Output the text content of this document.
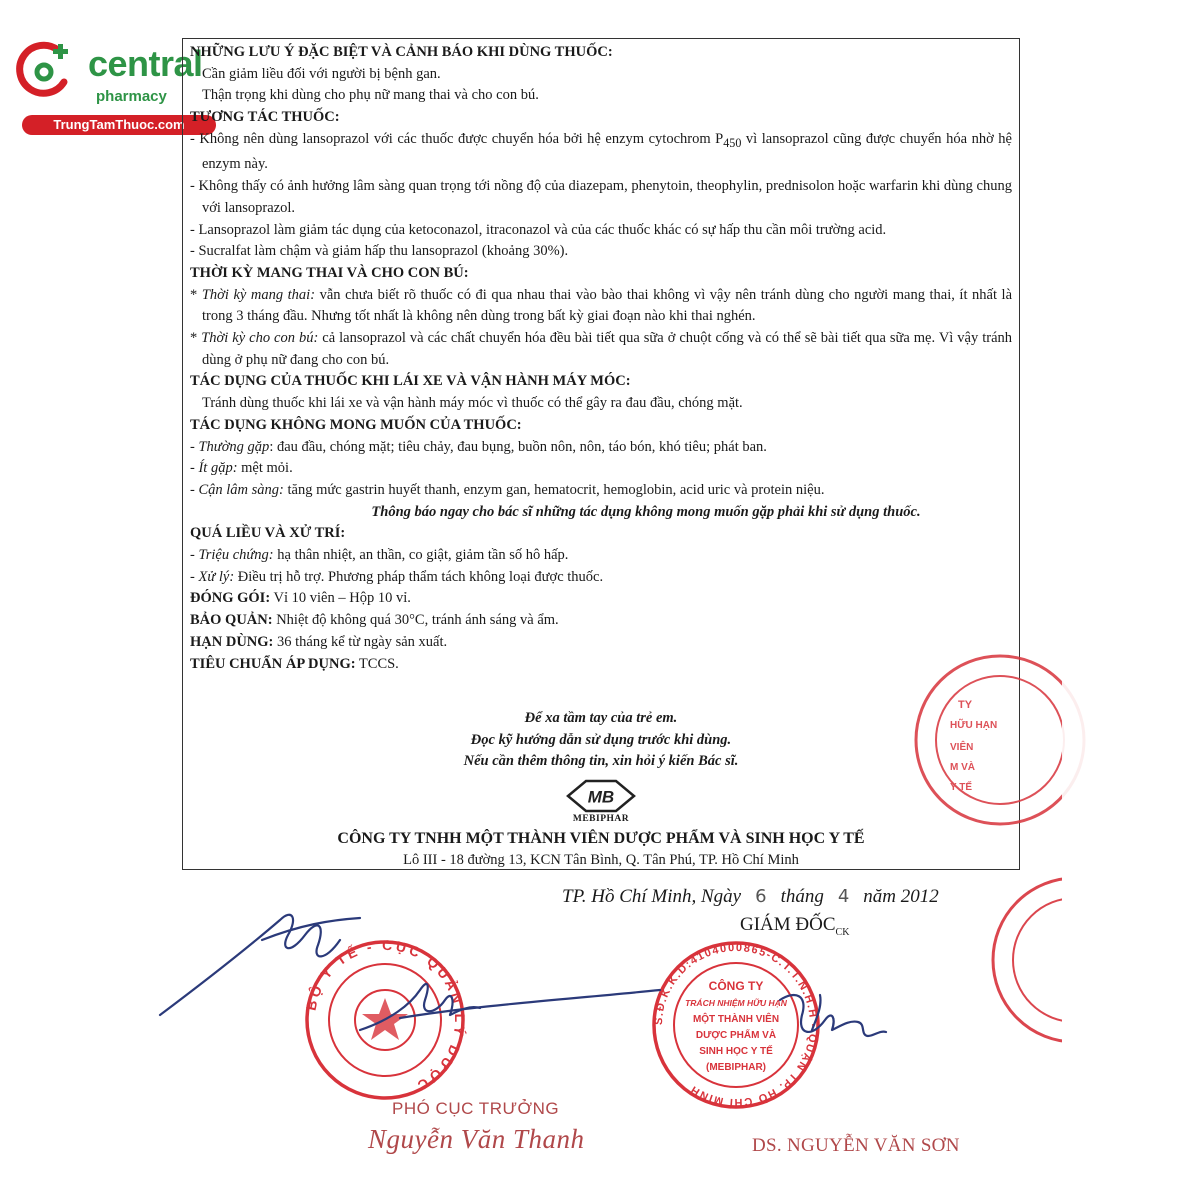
central
pharmacy
TrungTamThuoc.com

NHỮNG LƯU Ý ĐẶC BIỆT VÀ CẢNH BÁO KHI DÙNG THUỐC:

Cần giảm liều đối với người bị bệnh gan.

Thận trọng khi dùng cho phụ nữ mang thai và cho con bú.

TƯƠNG TÁC THUỐC:

- Không nên dùng lansoprazol với các thuốc được chuyển hóa bởi hệ enzym cytochrom $P_{450}$ vì lansoprazol cũng được chuyển hóa nhờ hệ enzym này.

- Không thấy có ảnh hưởng lâm sàng quan trọng tới nồng độ của diazepam, phenytoin, theophylin, prednisolon hoặc warfarin khi dùng chung với lansoprazol.

- Lansoprazol làm giảm tác dụng của ketoconazol, itraconazol và của các thuốc khác có sự hấp thu cần môi trường acid.

- Sucralfat làm chậm và giảm hấp thu lansoprazol (khoảng 30%).

THỜI KỲ MANG THAI VÀ CHO CON BÚ:

* Thời kỳ mang thai: vẫn chưa biết rõ thuốc có đi qua nhau thai vào bào thai không vì vậy nên tránh dùng cho người mang thai, ít nhất là trong 3 tháng đầu. Nhưng tốt nhất là không nên dùng trong bất kỳ giai đoạn nào khi thai nghén.

* Thời kỳ cho con bú: cả lansoprazol và các chất chuyển hóa đều bài tiết qua sữa ở chuột cống và có thể sẽ bài tiết qua sữa mẹ. Vì vậy tránh dùng ở phụ nữ đang cho con bú.

TÁC DỤNG CỦA THUỐC KHI LÁI XE VÀ VẬN HÀNH MÁY MÓC:

Tránh dùng thuốc khi lái xe và vận hành máy móc vì thuốc có thể gây ra đau đầu, chóng mặt.

TÁC DỤNG KHÔNG MONG MUỐN CỦA THUỐC:

- Thường gặp: đau đầu, chóng mặt; tiêu chảy, đau bụng, buồn nôn, nôn, táo bón, khó tiêu; phát ban.

- Ít gặp: mệt mỏi.

- Cận lâm sàng: tăng mức gastrin huyết thanh, enzym gan, hematocrit, hemoglobin, acid uric và protein niệu.

Thông báo ngay cho bác sĩ những tác dụng không mong muốn gặp phải khi sử dụng thuốc.

QUÁ LIỀU VÀ XỬ TRÍ:

- Triệu chứng: hạ thân nhiệt, an thần, co giật, giảm tần số hô hấp.

- Xử lý: Điều trị hỗ trợ. Phương pháp thẩm tách không loại được thuốc.

ĐÓNG GÓI: Vỉ 10 viên – Hộp 10 vỉ.

BẢO QUẢN: Nhiệt độ không quá 30°C, tránh ánh sáng và ẩm.

HẠN DÙNG: 36 tháng kể từ ngày sản xuất.

TIÊU CHUẨN ÁP DỤNG: TCCS.

Để xa tầm tay của trẻ em.
Đọc kỹ hướng dẫn sử dụng trước khi dùng.
Nếu cần thêm thông tin, xin hỏi ý kiến Bác sĩ.
MB
MEBIPHAR
CÔNG TY TNHH MỘT THÀNH VIÊN DƯỢC PHẨM VÀ SINH HỌC Y TẾ
Lô III - 18 đường 13, KCN Tân Bình, Q. Tân Phú, TP. Hồ Chí Minh
TY
HỮU HẠN
VIÊN
M VÀ
Y TẾ
BỘ Y TẾ - CỤC QUẢN LÝ DƯỢC
S.Đ.K.K.D:4104000865-C.T.T.N.H.H - QUẬN TP. HỒ CHÍ MINH
CÔNG TY
TRÁCH NHIỆM HỮU HẠN
MỘT THÀNH VIÊN
DƯỢC PHẨM VÀ
SINH HỌC Y TẾ
(MEBIPHAR)
TP. Hồ Chí Minh, Ngày 6 tháng 4 năm 2012
GIÁM ĐỐC$_{CK}$
PHÓ CỤC TRƯỞNG
Nguyễn Văn Thanh	DS. NGUYỄN VĂN SƠN
